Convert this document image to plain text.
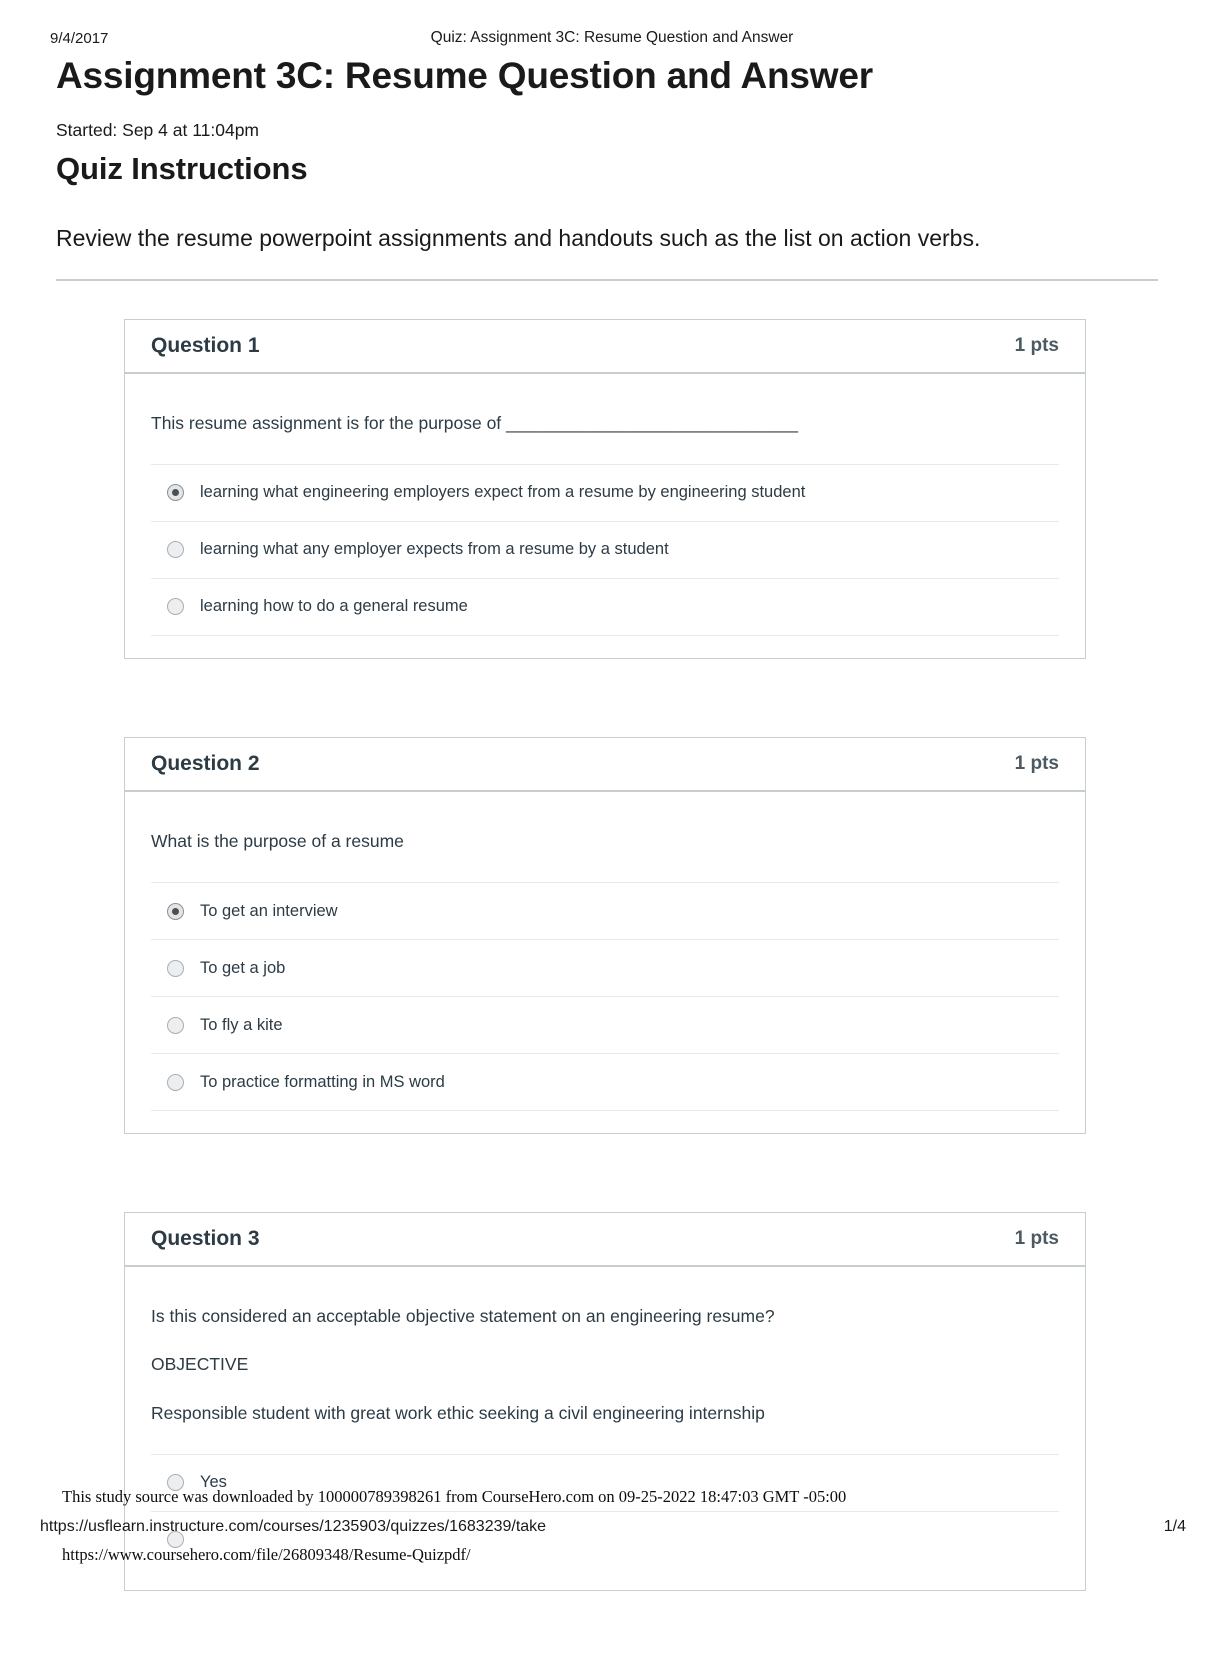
9/4/2017	Quiz: Assignment 3C: Resume Question and Answer
Assignment 3C: Resume Question and Answer
Started: Sep 4 at 11:04pm
Quiz Instructions
Review the resume powerpoint assignments and handouts such as the list on action verbs.
Question 1	1 pts
This resume assignment is for the purpose of ______________________________
learning what engineering employers expect from a resume by engineering student
learning what any employer expects from a resume by a student
learning how to do a general resume
Question 2	1 pts
What is the purpose of a resume
To get an interview
To get a job
To fly a kite
To practice formatting in MS word
Question 3	1 pts
Is this considered an acceptable objective statement on an engineering resume?
OBJECTIVE
Responsible student with great work ethic seeking a civil engineering internship
Yes
This study source was downloaded by 100000789398261 from CourseHero.com on 09-25-2022 18:47:03 GMT -05:00
https://usflearn.instructure.com/courses/1235903/quizzes/1683239/take	1/4
https://www.coursehero.com/file/26809348/Resume-Quizpdf/
